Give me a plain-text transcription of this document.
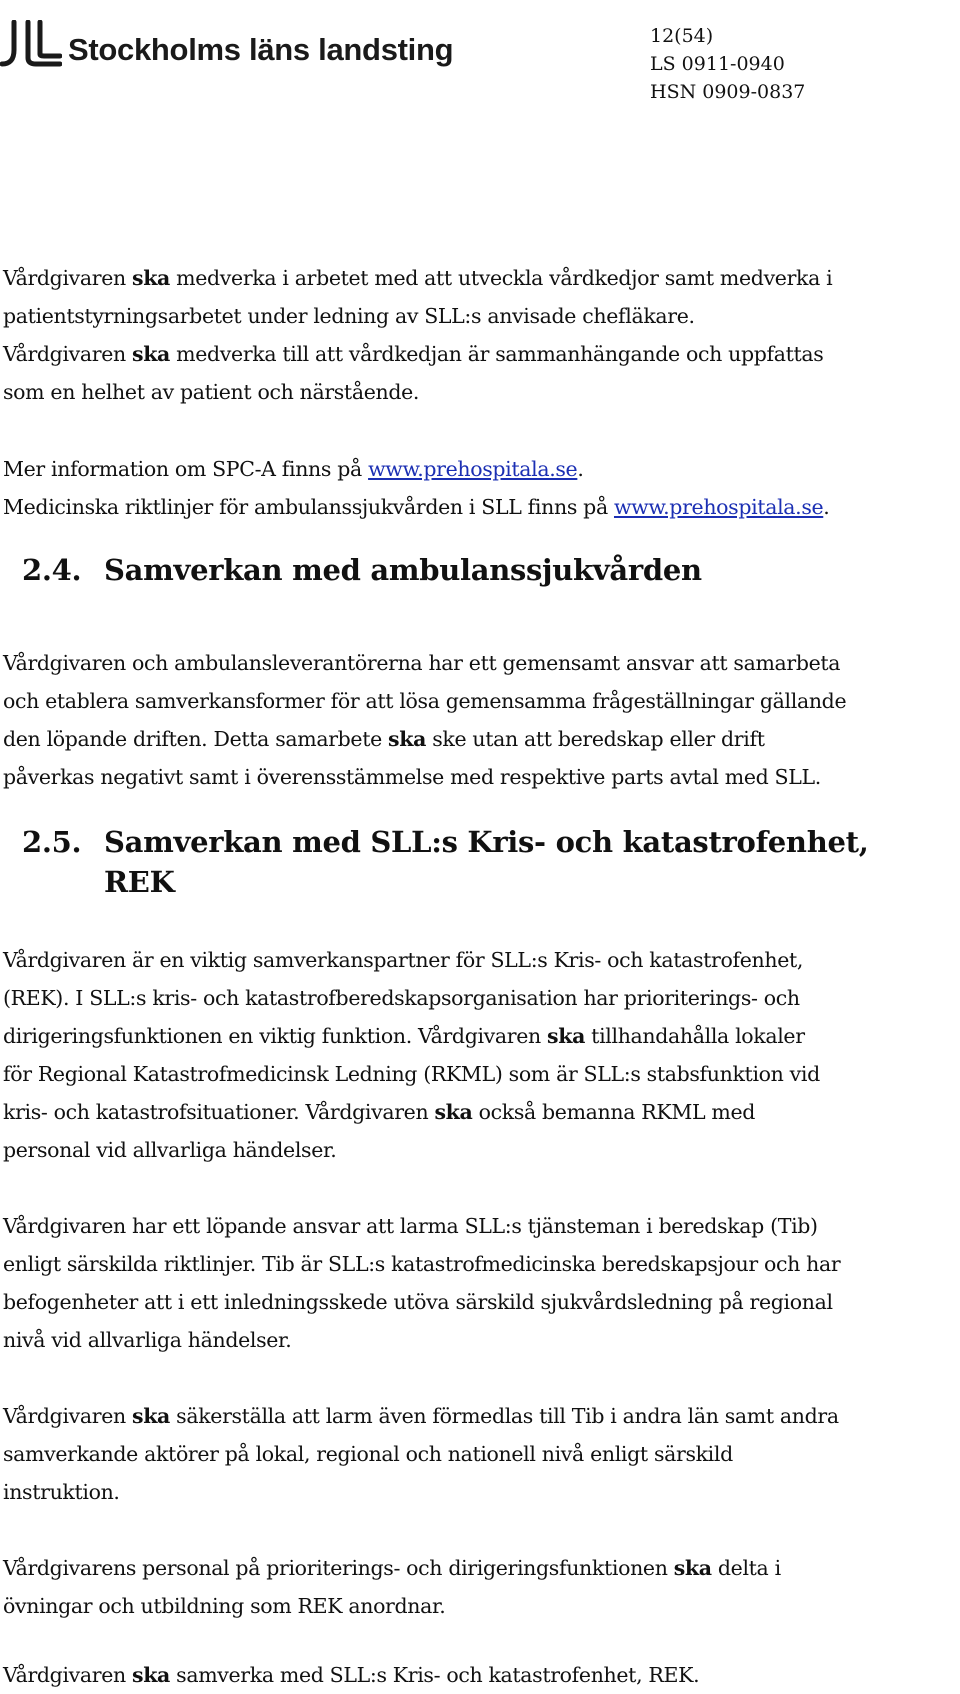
Stockholms läns landsting	12(54)
LS 0911-0940
HSN 0909-0837
Vårdgivaren ska medverka i arbetet med att utveckla vårdkedjor samt medverka i
patientstyrningsarbetet under ledning av SLL:s anvisade chefläkare.
Vårdgivaren ska medverka till att vårdkedjan är sammanhängande och uppfattas
som en helhet av patient och närstående.
Mer information om SPC-A finns på www.prehospitala.se.
Medicinska riktlinjer för ambulanssjukvården i SLL finns på www.prehospitala.se.
2.4. Samverkan med ambulanssjukvården
Vårdgivaren och ambulansleverantörerna har ett gemensamt ansvar att samarbeta
och etablera samverkansformer för att lösa gemensamma frågeställningar gällande
den löpande driften. Detta samarbete ska ske utan att beredskap eller drift
påverkas negativt samt i överensstämmelse med respektive parts avtal med SLL.
2.5. Samverkan med SLL:s Kris- och katastrofenhet,
REK
Vårdgivaren är en viktig samverkanspartner för SLL:s Kris- och katastrofenhet,
(REK). I SLL:s kris- och katastrofberedskapsorganisation har prioriterings- och
dirigeringsfunktionen en viktig funktion. Vårdgivaren ska tillhandahålla lokaler
för Regional Katastrofmedicinsk Ledning (RKML) som är SLL:s stabsfunktion vid
kris- och katastrofsituationer. Vårdgivaren ska också bemanna RKML med
personal vid allvarliga händelser.
Vårdgivaren har ett löpande ansvar att larma SLL:s tjänsteman i beredskap (Tib)
enligt särskilda riktlinjer. Tib är SLL:s katastrofmedicinska beredskapsjour och har
befogenheter att i ett inledningsskede utöva särskild sjukvårdsledning på regional
nivå vid allvarliga händelser.
Vårdgivaren ska säkerställa att larm även förmedlas till Tib i andra län samt andra
samverkande aktörer på lokal, regional och nationell nivå enligt särskild
instruktion.
Vårdgivarens personal på prioriterings- och dirigeringsfunktionen ska delta i
övningar och utbildning som REK anordnar.
Vårdgivaren ska samverka med SLL:s Kris- och katastrofenhet, REK.
